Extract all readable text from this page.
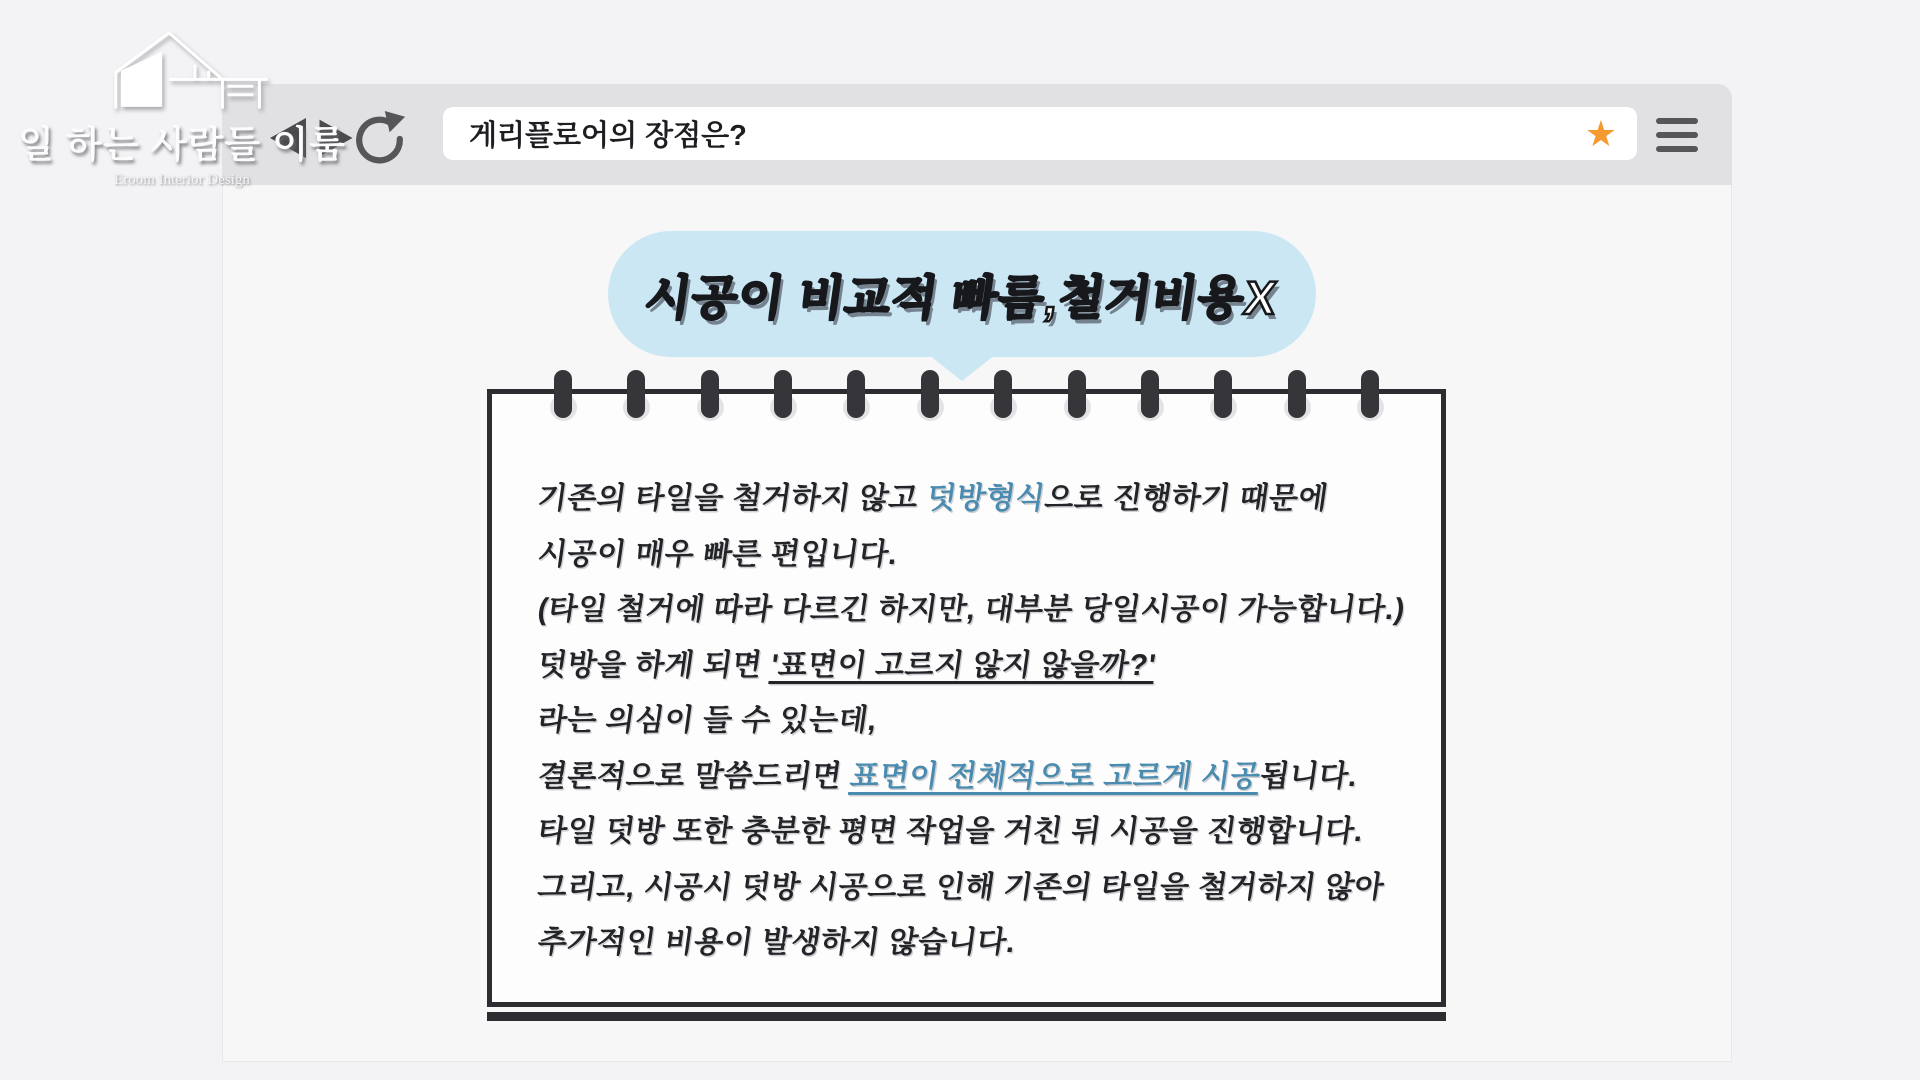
게리플로어의 장점은?
★
일 하는 사람들 이룸
Eroom Interior Design
시공이 비교적 빠름,철거비용X
기존의 타일을 철거하지 않고 덧방형식으로 진행하기 때문에
시공이 매우 빠른 편입니다.
(타일 철거에 따라 다르긴 하지만, 대부분 당일시공이 가능합니다.)
덧방을 하게 되면 '표면이 고르지 않지 않을까?'
라는 의심이 들 수 있는데,
결론적으로 말씀드리면 표면이 전체적으로 고르게 시공됩니다.
타일 덧방 또한 충분한 평면 작업을 거친 뒤 시공을 진행합니다.
그리고, 시공시 덧방 시공으로 인해 기존의 타일을 철거하지 않아
추가적인 비용이 발생하지 않습니다.
